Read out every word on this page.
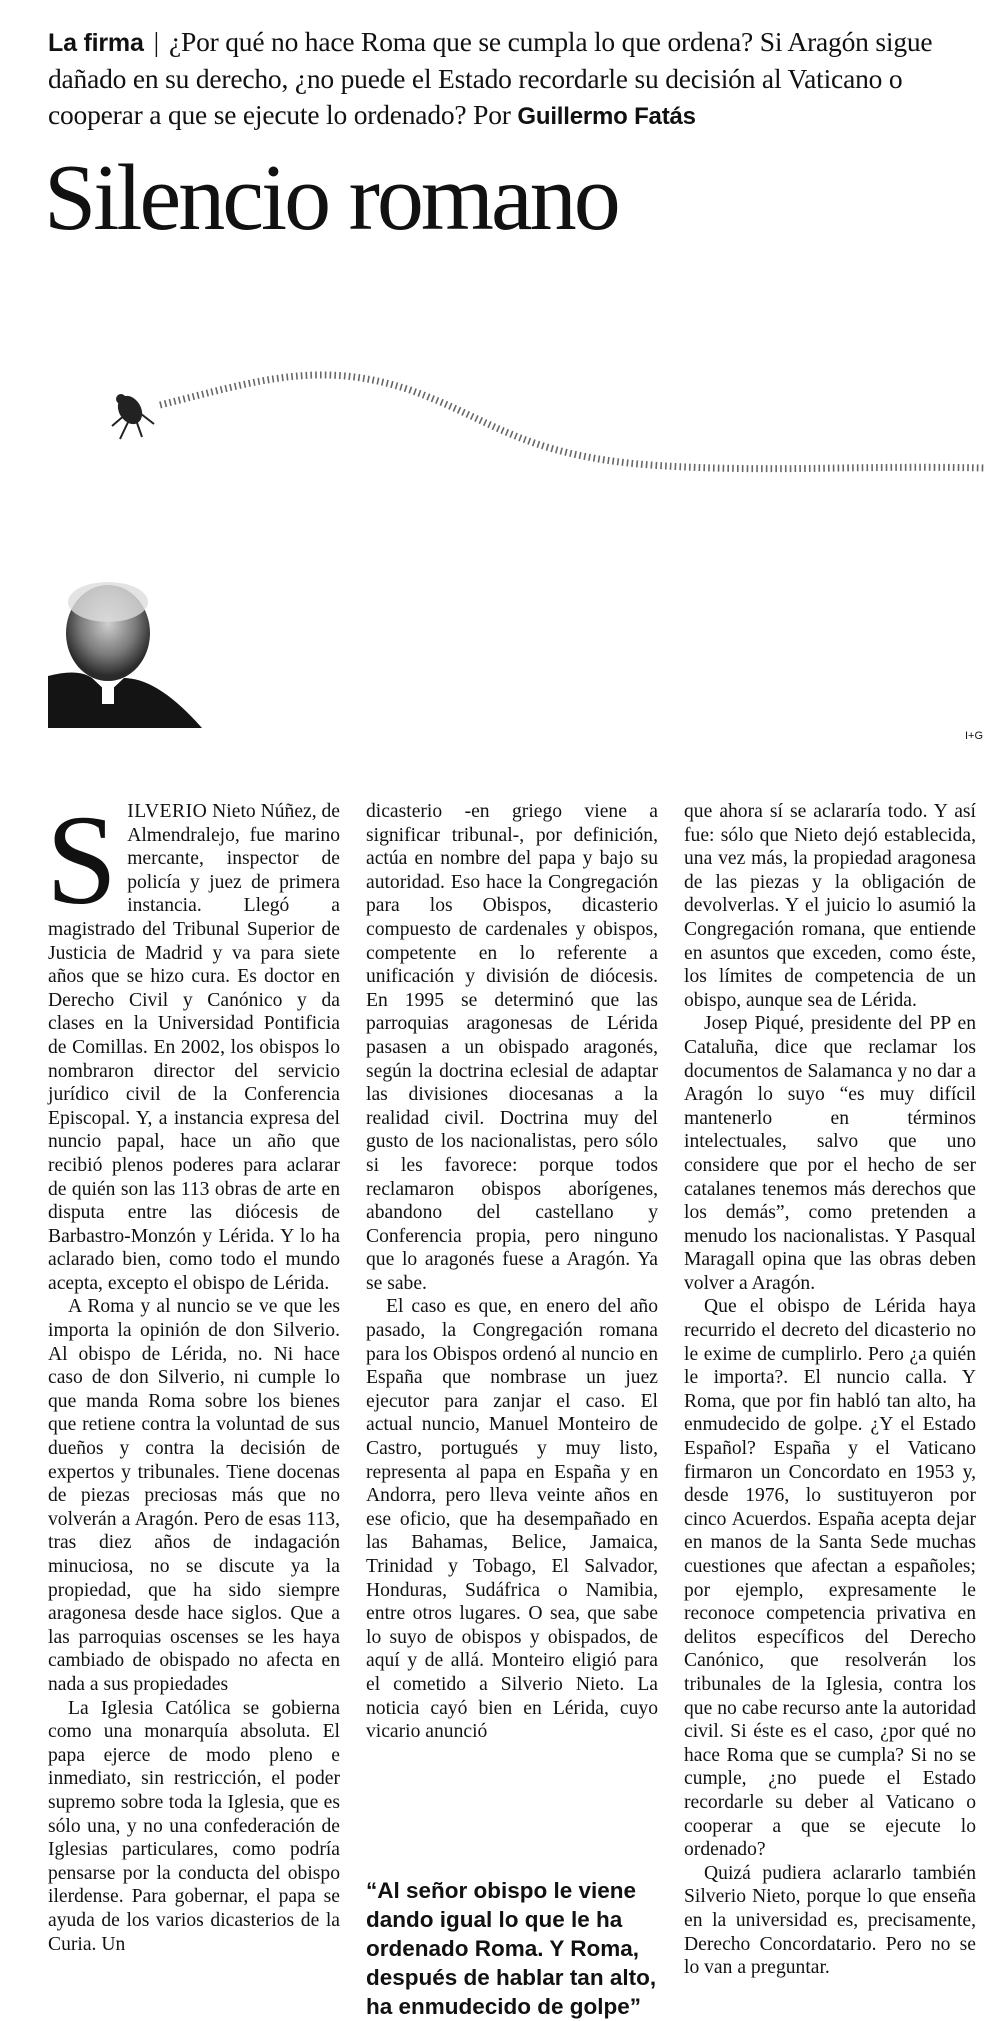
La firma | ¿Por qué no hace Roma que se cumpla lo que ordena? Si Aragón sigue dañado en su derecho, ¿no puede el Estado recordarle su decisión al Vaticano o cooperar a que se ejecute lo ordenado? Por Guillermo Fatás
Silencio romano
I+G

SILVERIO Nieto Núñez, de Almendralejo, fue marino mercante, inspector de policía y juez de primera instancia. Llegó a magistrado del Tribunal Superior de Justicia de Madrid y va para siete años que se hizo cura. Es doctor en Derecho Civil y Canónico y da clases en la Universidad Pontificia de Comillas. En 2002, los obispos lo nombraron director del servicio jurídico civil de la Conferencia Episcopal. Y, a instancia expresa del nuncio papal, hace un año que recibió plenos poderes para aclarar de quién son las 113 obras de arte en disputa entre las diócesis de Barbastro-Monzón y Lérida. Y lo ha aclarado bien, como todo el mundo acepta, excepto el obispo de Lérida.

A Roma y al nuncio se ve que les importa la opinión de don Silverio. Al obispo de Lérida, no. Ni hace caso de don Silverio, ni cumple lo que manda Roma sobre los bienes que retiene contra la voluntad de sus dueños y contra la decisión de expertos y tribunales. Tiene docenas de piezas preciosas más que no volverán a Aragón. Pero de esas 113, tras diez años de indagación minuciosa, no se discute ya la propiedad, que ha sido siempre aragonesa desde hace siglos. Que a las parroquias oscenses se les haya cambiado de obispado no afecta en nada a sus propiedades

La Iglesia Católica se gobierna como una monarquía absoluta. El papa ejerce de modo pleno e inmediato, sin restricción, el poder supremo sobre toda la Iglesia, que es sólo una, y no una confederación de Iglesias particulares, como podría pensarse por la conducta del obispo ilerdense. Para gobernar, el papa se ayuda de los varios dicasterios de la Curia. Un

dicasterio -en griego viene a significar tribunal-, por definición, actúa en nombre del papa y bajo su autoridad. Eso hace la Congregación para los Obispos, dicasterio compuesto de cardenales y obispos, competente en lo referente a unificación y división de diócesis. En 1995 se determinó que las parroquias aragonesas de Lérida pasasen a un obispado aragonés, según la doctrina eclesial de adaptar las divisiones diocesanas a la realidad civil. Doctrina muy del gusto de los nacionalistas, pero sólo si les favorece: porque todos reclamaron obispos aborígenes, abandono del castellano y Conferencia propia, pero ninguno que lo aragonés fuese a Aragón. Ya se sabe.

El caso es que, en enero del año pasado, la Congregación romana para los Obispos ordenó al nuncio en España que nombrase un juez ejecutor para zanjar el caso. El actual nuncio, Manuel Monteiro de Castro, portugués y muy listo, representa al papa en España y en Andorra, pero lleva veinte años en ese oficio, que ha desempañado en las Bahamas, Belice, Jamaica, Trinidad y Tobago, El Salvador, Honduras, Sudáfrica o Namibia, entre otros lugares. O sea, que sabe lo suyo de obispos y obispados, de aquí y de allá. Monteiro eligió para el cometido a Silverio Nieto. La noticia cayó bien en Lérida, cuyo vicario anunció

“Al señor obispo le viene dando igual lo que le ha ordenado Roma. Y Roma, después de hablar tan alto, ha enmudecido de golpe”

que ahora sí se aclararía todo. Y así fue: sólo que Nieto dejó establecida, una vez más, la propiedad aragonesa de las piezas y la obligación de devolverlas. Y el juicio lo asumió la Congregación romana, que entiende en asuntos que exceden, como éste, los límites de competencia de un obispo, aunque sea de Lérida.

Josep Piqué, presidente del PP en Cataluña, dice que reclamar los documentos de Salamanca y no dar a Aragón lo suyo “es muy difícil mantenerlo en términos intelectuales, salvo que uno considere que por el hecho de ser catalanes tenemos más derechos que los demás”, como pretenden a menudo los nacionalistas. Y Pasqual Maragall opina que las obras deben volver a Aragón.

Que el obispo de Lérida haya recurrido el decreto del dicasterio no le exime de cumplirlo. Pero ¿a quién le importa?. El nuncio calla. Y Roma, que por fin habló tan alto, ha enmudecido de golpe. ¿Y el Estado Español? España y el Vaticano firmaron un Concordato en 1953 y, desde 1976, lo sustituyeron por cinco Acuerdos. España acepta dejar en manos de la Santa Sede muchas cuestiones que afectan a españoles; por ejemplo, expresamente le reconoce competencia privativa en delitos específicos del Derecho Canónico, que resolverán los tribunales de la Iglesia, contra los que no cabe recurso ante la autoridad civil. Si éste es el caso, ¿por qué no hace Roma que se cumpla? Si no se cumple, ¿no puede el Estado recordarle su deber al Vaticano o cooperar a que se ejecute lo ordenado?

Quizá pudiera aclararlo también Silverio Nieto, porque lo que enseña en la universidad es, precisamente, Derecho Concordatario. Pero no se lo van a preguntar.
